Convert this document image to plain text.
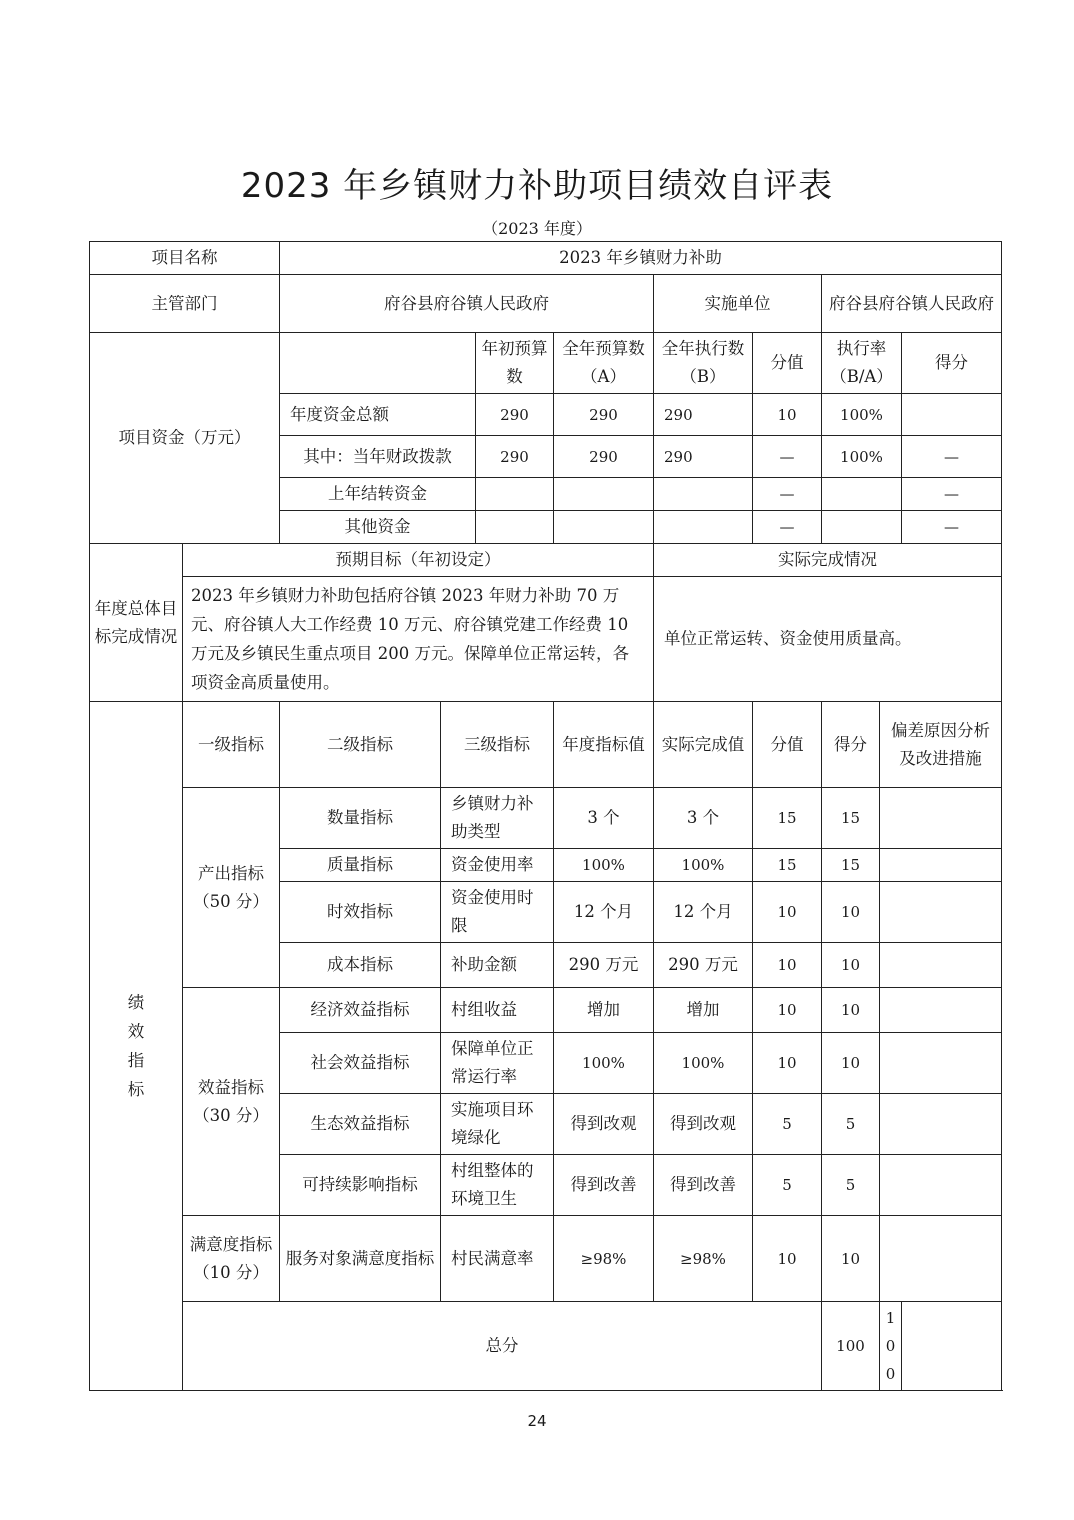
2023 年乡镇财力补助项目绩效自评表
（2023 年度）
项目名称		2023 年乡镇财力补助								
主管部门		府谷县府谷镇人民政府				实施单位		府谷县府谷镇人民政府		
项目资金（万元）				年初预算数	全年预算数（A）	全年执行数（B）	分值	执行率（B/A）		得分
		年度资金总额		290	290	290	10	100%		
		其中：当年财政拨款		290	290	290	—	100%		—
		上年结转资金					—			—
		其他资金					—			—
年度总体目标完成情况	预期目标（年初设定）					实际完成情况				
	2023 年乡镇财力补助包括府谷镇 2023 年财力补助 70 万元、府谷镇人大工作经费 10 万元、府谷镇党建工作经费 10 万元及乡镇民生重点项目 200 万元。保障单位正常运转，各项资金高质量使用。					单位正常运转、资金使用质量高。				

绩
效
指
标	一级指标	二级指标	三级指标		年度指标值	实际完成值	分值	得分	偏差原因分析及改进措施	

	产出指标
（50 分）	数量指标	乡镇财力补助类型		3 个	3 个	15	15		
		质量指标	资金使用率		100%	100%	15	15		
		时效指标	资金使用时限		12 个月	12 个月	10	10		
		成本指标	补助金额		290 万元	290 万元	10	10		

	效益指标
（30 分）	经济效益指标	村组收益		增加	增加	10	10		
		社会效益指标	保障单位正常运行率		100%	100%	10	10		
		生态效益指标	实施项目环境绿化		得到改观	得到改观	5	5		
		可持续影响指标	村组整体的环境卫生		得到改善	得到改善	5	5		

	满意度指标
（10 分）	服务对象满意度指标	村民满意率		≥98%	≥98%	10	10		
	总分							100	100	
24
